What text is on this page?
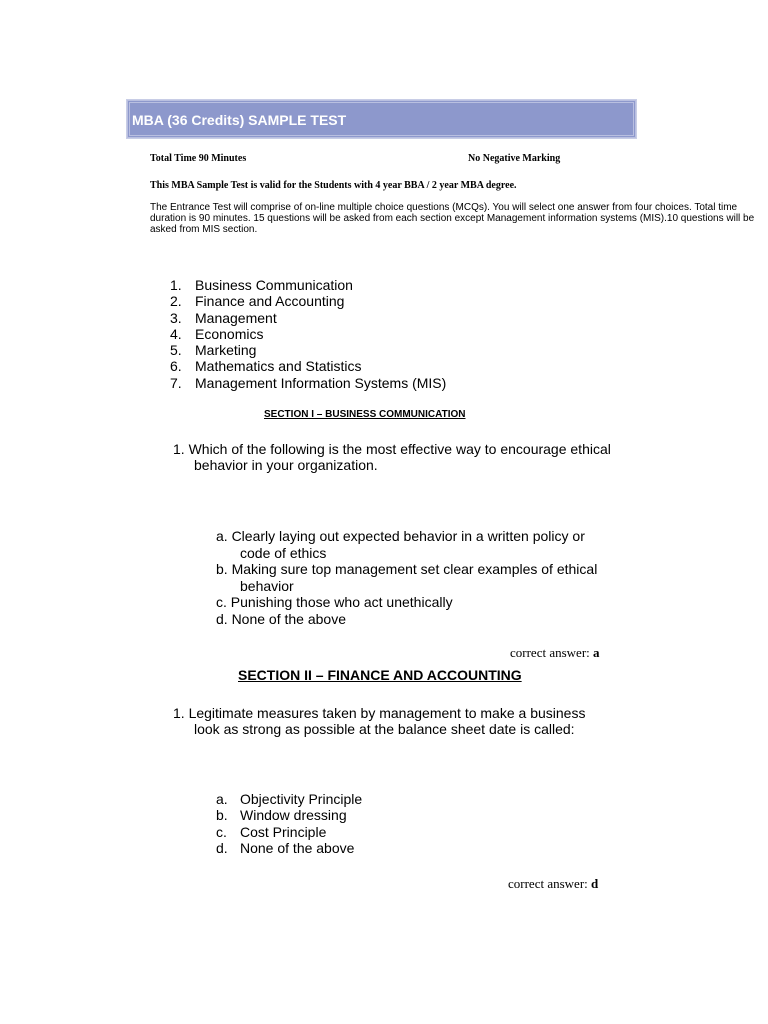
MBA (36 Credits) SAMPLE TEST
Total Time 90 Minutes	No Negative Marking
This MBA Sample Test is valid for the Students with 4 year BBA / 2 year MBA degree.
The Entrance Test will comprise of on-line multiple choice questions (MCQs). You will select one answer from four choices. Total time duration is 90 minutes. 15 questions will be asked from each section except Management information systems (MIS).10 questions will be asked from MIS section.
1. Business Communication
2. Finance and Accounting
3. Management
4. Economics
5. Marketing
6. Mathematics and Statistics
7. Management Information Systems (MIS)
SECTION I – BUSINESS COMMUNICATION
1. Which of the following is the most effective way to encourage ethical behavior in your organization.
a. Clearly laying out expected behavior in a written policy or code of ethics
b. Making sure top management set clear examples of ethical behavior
c. Punishing those who act unethically
d. None of the above
correct answer: a
SECTION II – FINANCE AND ACCOUNTING
1. Legitimate measures taken by management to make a business look as strong as possible at the balance sheet date is called:
a. Objectivity Principle
b. Window dressing
c. Cost Principle
d. None of the above
correct answer: d
